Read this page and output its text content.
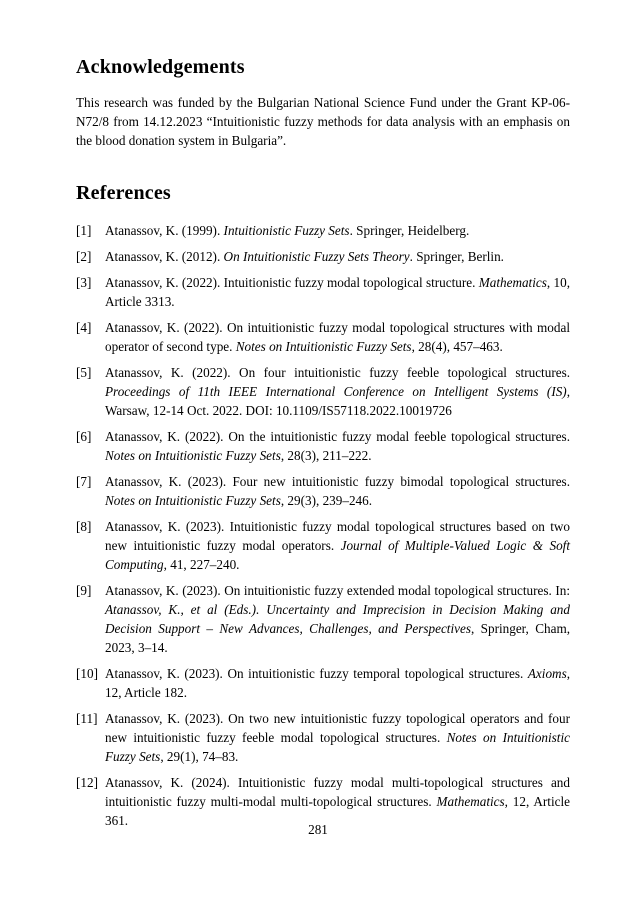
Acknowledgements

This research was funded by the Bulgarian National Science Fund under the Grant KP-06-N72/8 from 14.12.2023 “Intuitionistic fuzzy methods for data analysis with an emphasis on the blood donation system in Bulgaria”.

References
[1]	Atanassov, K. (1999). Intuitionistic Fuzzy Sets. Springer, Heidelberg.
[2]	Atanassov, K. (2012). On Intuitionistic Fuzzy Sets Theory. Springer, Berlin.
[3]	Atanassov, K. (2022). Intuitionistic fuzzy modal topological structure. Mathematics, 10, Article 3313.
[4]	Atanassov, K. (2022). On intuitionistic fuzzy modal topological structures with modal operator of second type. Notes on Intuitionistic Fuzzy Sets, 28(4), 457–463.
[5]	Atanassov, K. (2022). On four intuitionistic fuzzy feeble topological structures. Proceedings of 11th IEEE International Conference on Intelligent Systems (IS), Warsaw, 12-14 Oct. 2022. DOI: 10.1109/IS57118.2022.10019726
[6]	Atanassov, K. (2022). On the intuitionistic fuzzy modal feeble topological structures. Notes on Intuitionistic Fuzzy Sets, 28(3), 211–222.
[7]	Atanassov, K. (2023). Four new intuitionistic fuzzy bimodal topological structures. Notes on Intuitionistic Fuzzy Sets, 29(3), 239–246.
[8]	Atanassov, K. (2023). Intuitionistic fuzzy modal topological structures based on two new intuitionistic fuzzy modal operators. Journal of Multiple-Valued Logic & Soft Computing, 41, 227–240.
[9]	Atanassov, K. (2023). On intuitionistic fuzzy extended modal topological structures. In: Atanassov, K., et al (Eds.). Uncertainty and Imprecision in Decision Making and Decision Support – New Advances, Challenges, and Perspectives, Springer, Cham, 2023, 3–14.
[10] Atanassov, K. (2023). On intuitionistic fuzzy temporal topological structures. Axioms, 12, Article 182.
[11] Atanassov, K. (2023). On two new intuitionistic fuzzy topological operators and four new intuitionistic fuzzy feeble modal topological structures. Notes on Intuitionistic Fuzzy Sets, 29(1), 74–83.
[12] Atanassov, K. (2024). Intuitionistic fuzzy modal multi-topological structures and intuitionistic fuzzy multi-modal multi-topological structures. Mathematics, 12, Article 361.
281
